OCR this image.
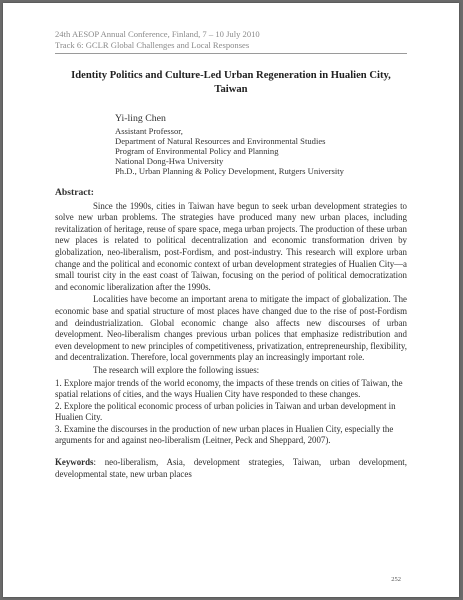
24th AESOP Annual Conference, Finland, 7 – 10 July 2010
Track 6: GCLR Global Challenges and Local Responses
Identity Politics and Culture-Led Urban Regeneration in Hualien City, Taiwan
Yi-ling Chen
Assistant Professor,
Department of Natural Resources and Environmental Studies
Program of Environmental Policy and Planning
National Dong-Hwa University
Ph.D., Urban Planning & Policy Development, Rutgers University
Abstract:

Since the 1990s, cities in Taiwan have begun to seek urban development strategies to solve new urban problems. The strategies have produced many new urban places, including revitalization of heritage, reuse of spare space, mega urban projects. The production of these urban new places is related to political decentralization and economic transformation driven by globalization, neo-liberalism, post-Fordism, and post-industry. This research will explore urban change and the political and economic context of urban development strategies of Hualien City—a small tourist city in the east coast of Taiwan, focusing on the period of political democratization and economic liberalization after the 1990s.

Localities have become an important arena to mitigate the impact of globalization. The economic base and spatial structure of most places have changed due to the rise of post-Fordism and deindustrialization. Global economic change also affects new discourses of urban development. Neo-liberalism changes previous urban polices that emphasize redistribution and even development to new principles of competitiveness, privatization, entrepreneurship, flexibility, and decentralization. Therefore, local governments play an increasingly important role.

The research will explore the following issues:

1. Explore major trends of the world economy, the impacts of these trends on cities of Taiwan, the spatial relations of cities, and the ways Hualien City have responded to these changes.

2. Explore the political economic process of urban policies in Taiwan and urban development in Hualien City.

3. Examine the discourses in the production of new urban places in Hualien City, especially the arguments for and against neo-liberalism (Leitner, Peck and Sheppard, 2007).

Keywords: neo-liberalism, Asia, development strategies, Taiwan, urban development, developmental state, new urban places
252
